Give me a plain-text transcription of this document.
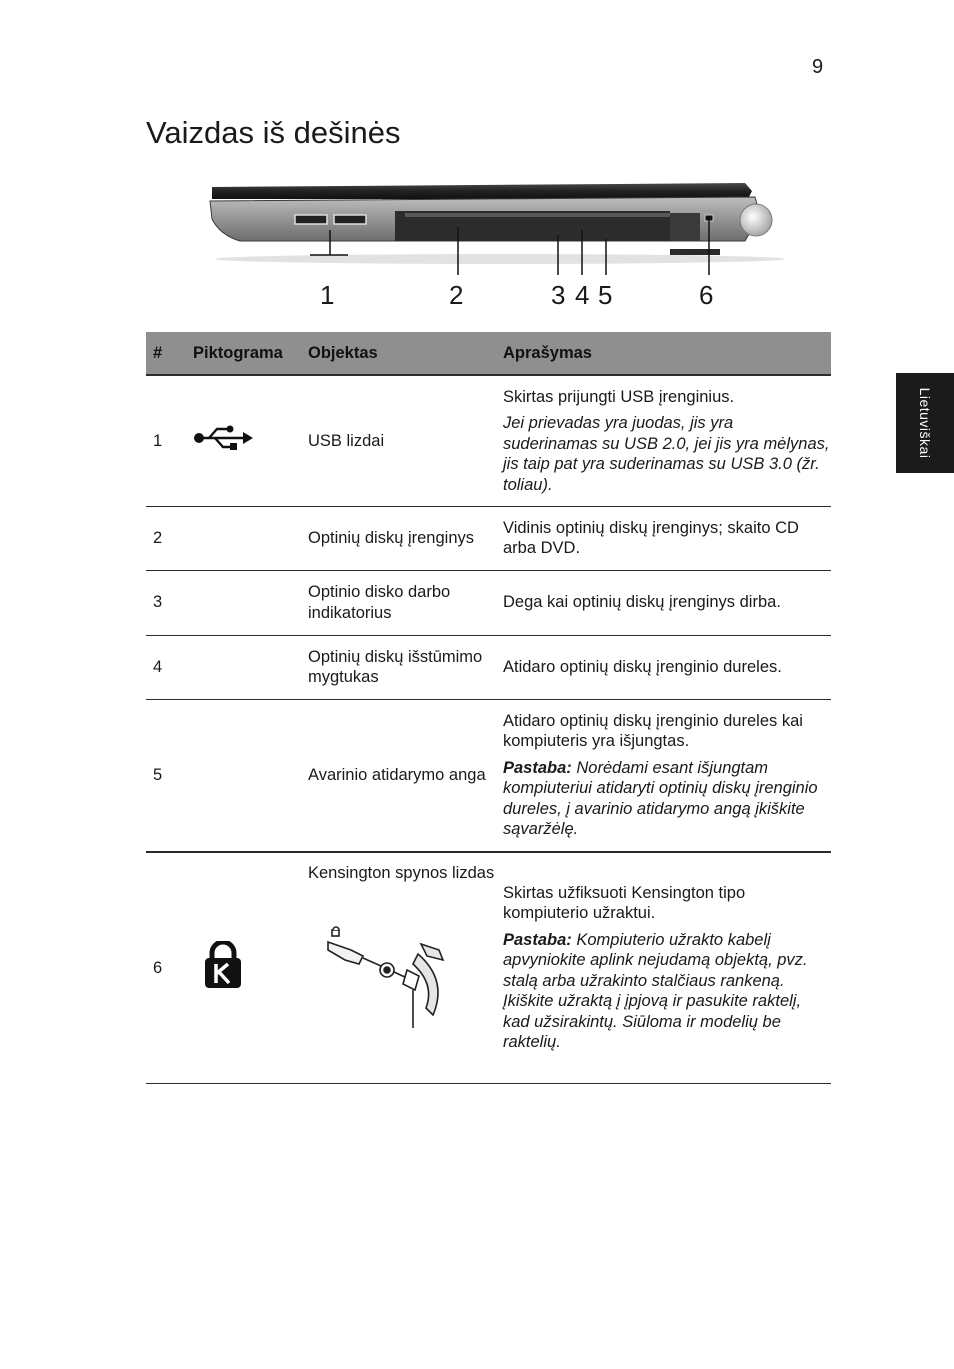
9
Vaizdas iš dešinės
Lietuviškai
1	2	3 4 5	6
#	Piktograma	Objektas	Aprašymas
1		USB lizdai	Skirtas prijungti USB įrenginius.

Jei prievadas yra juodas, jis yra suderinamas su USB 2.0, jei jis yra mėlynas, jis taip pat yra suderinamas su USB 3.0 (žr. toliau).

2		Optinių diskų įrenginys	Vidinis optinių diskų įrenginys; skaito CD arba DVD.
3		Optinio disko darbo indikatorius	Dega kai optinių diskų įrenginys dirba.
4		Optinių diskų išstūmimo mygtukas	Atidaro optinių diskų įrenginio dureles.
5		Avarinio atidarymo anga	Atidaro optinių diskų įrenginio dureles kai kompiuteris yra išjungtas.

Pastaba: Norėdami esant išjungtam kompiuteriui atidaryti optinių diskų įrenginio dureles, į avarinio atidarymo angą įkiškite sąvaržėlę.

6		Kensington spynos lizdas	Skirtas užfiksuoti Kensington tipo kompiuterio užraktui.

Pastaba: Kompiuterio užrakto kabelį apvyniokite aplink nejudamą objektą, pvz. stalą arba užrakinto stalčiaus rankeną. Įkiškite užraktą į įpjovą ir pasukite raktelį, kad užsirakintų. Siūloma ir modelių be raktelių.
